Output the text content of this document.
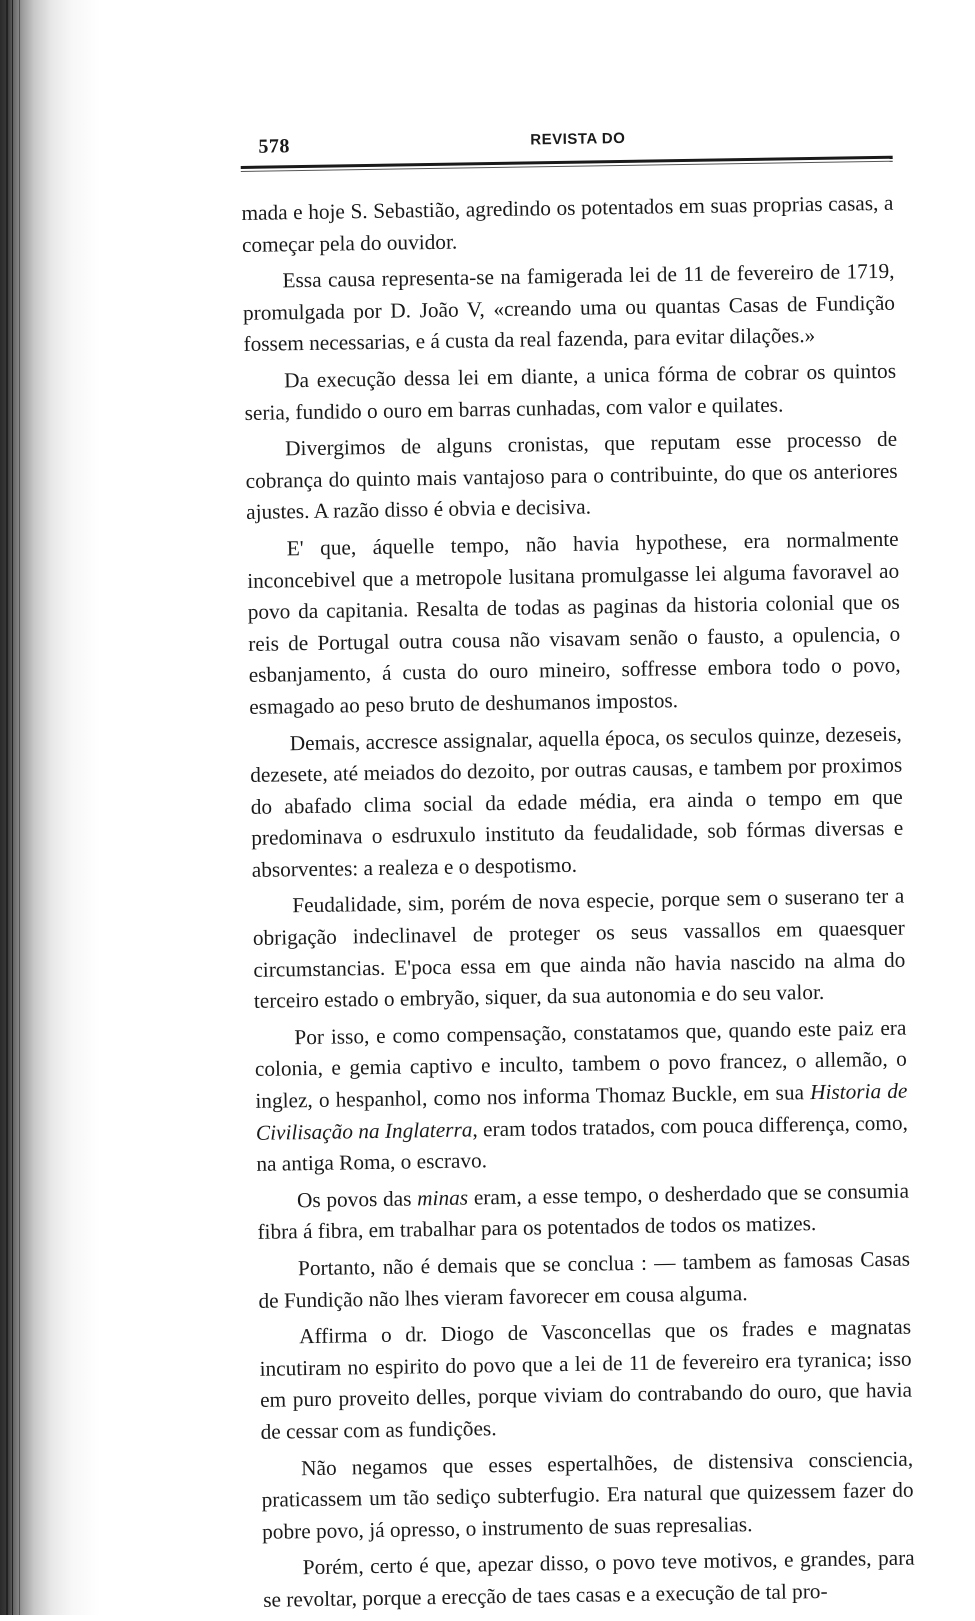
578	REVISTA DO

mada e hoje S. Sebastião, agredindo os potentados em suas proprias casas, a começar pela do ouvidor.

Essa causa representa-se na famigerada lei de 11 de fevereiro de 1719, promulgada por D. João V, «creando uma ou quantas Casas de Fundição fossem necessarias, e á custa da real fazenda, para evitar dilações.»

Da execução dessa lei em diante, a unica fórma de cobrar os quintos seria, fundido o ouro em barras cunhadas, com valor e quilates.

Divergimos de alguns cronistas, que reputam esse processo de cobrança do quinto mais vantajoso para o contribuinte, do que os anteriores ajustes. A razão disso é obvia e decisiva.

E' que, áquelle tempo, não havia hypothese, era normalmente inconcebivel que a metropole lusitana promulgasse lei alguma favoravel ao povo da capitania. Resalta de todas as paginas da historia colonial que os reis de Portugal outra cousa não visavam senão o fausto, a opulencia, o esbanjamento, á custa do ouro mineiro, soffresse embora todo o povo, esmagado ao peso bruto de deshumanos impostos.

Demais, accresce assignalar, aquella época, os seculos quinze, dezeseis, dezesete, até meiados do dezoito, por outras causas, e tambem por proximos do abafado clima social da edade média, era ainda o tempo em que predominava o esdruxulo instituto da feudalidade, sob fórmas diversas e absorventes: a realeza e o despotismo.

Feudalidade, sim, porém de nova especie, porque sem o suserano ter a obrigação indeclinavel de proteger os seus vassallos em quaesquer circumstancias. E'poca essa em que ainda não havia nascido na alma do terceiro estado o embryão, siquer, da sua autonomia e do seu valor.

Por isso, e como compensação, constatamos que, quando este paiz era colonia, e gemia captivo e inculto, tambem o povo francez, o allemão, o inglez, o hespanhol, como nos informa Thomaz Buckle, em sua Historia de Civilisação na Inglaterra, eram todos tratados, com pouca differença, como, na antiga Roma, o escravo.

Os povos das minas eram, a esse tempo, o desherdado que se consumia fibra á fibra, em trabalhar para os potentados de todos os matizes.

Portanto, não é demais que se conclua : — tambem as famosas Casas de Fundição não lhes vieram favorecer em cousa alguma.

Affirma o dr. Diogo de Vasconcellas que os frades e magnatas incutiram no espirito do povo que a lei de 11 de fevereiro era tyranica; isso em puro proveito delles, porque viviam do contrabando do ouro, que havia de cessar com as fundições.

Não negamos que esses espertalhões, de distensiva consciencia, praticassem um tão sediço subterfugio. Era natural que quizessem fazer do pobre povo, já opresso, o instrumento de suas represalias.

Porém, certo é que, apezar disso, o povo teve motivos, e grandes, para se revoltar, porque a erecção de taes casas e a execução de tal pro-
